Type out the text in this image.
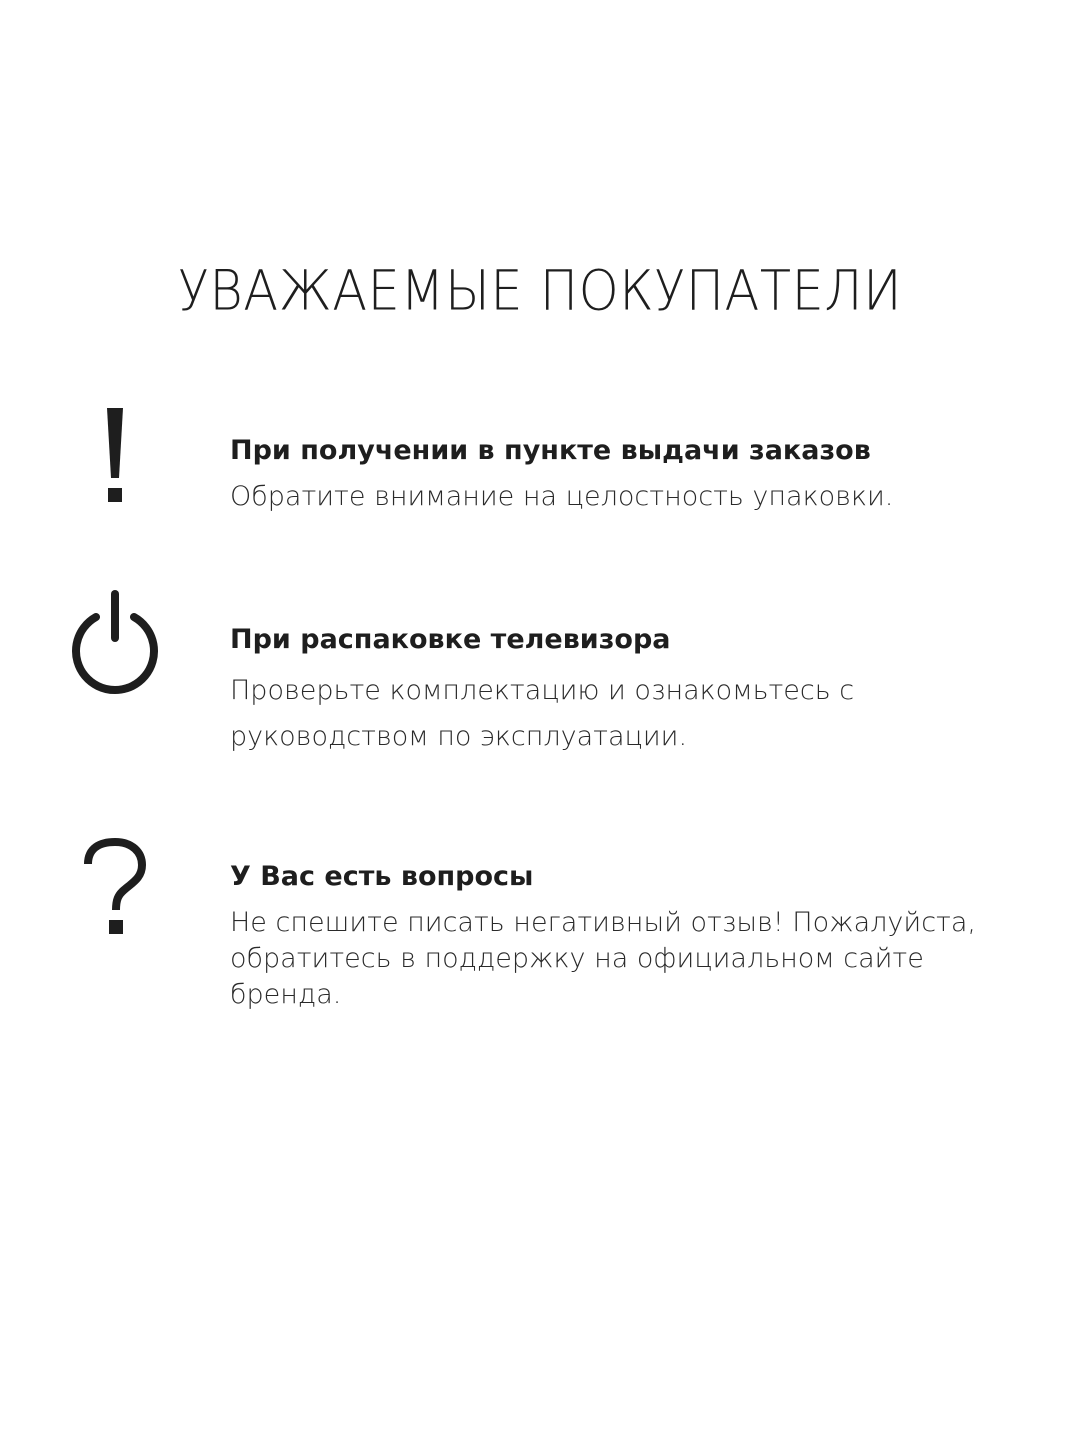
УВАЖАЕМЫЕ ПОКУПАТЕЛИ
При получении в пункте выдачи заказов
Обратите внимание на целостность упаковки.
При распаковке телевизора
Проверьте комплектацию и ознакомьтесь с руководством по эксплуатации.
У Вас есть вопросы
Не спешите писать негативный отзыв! Пожалуйста, обратитесь в поддержку на официальном сайте бренда.
